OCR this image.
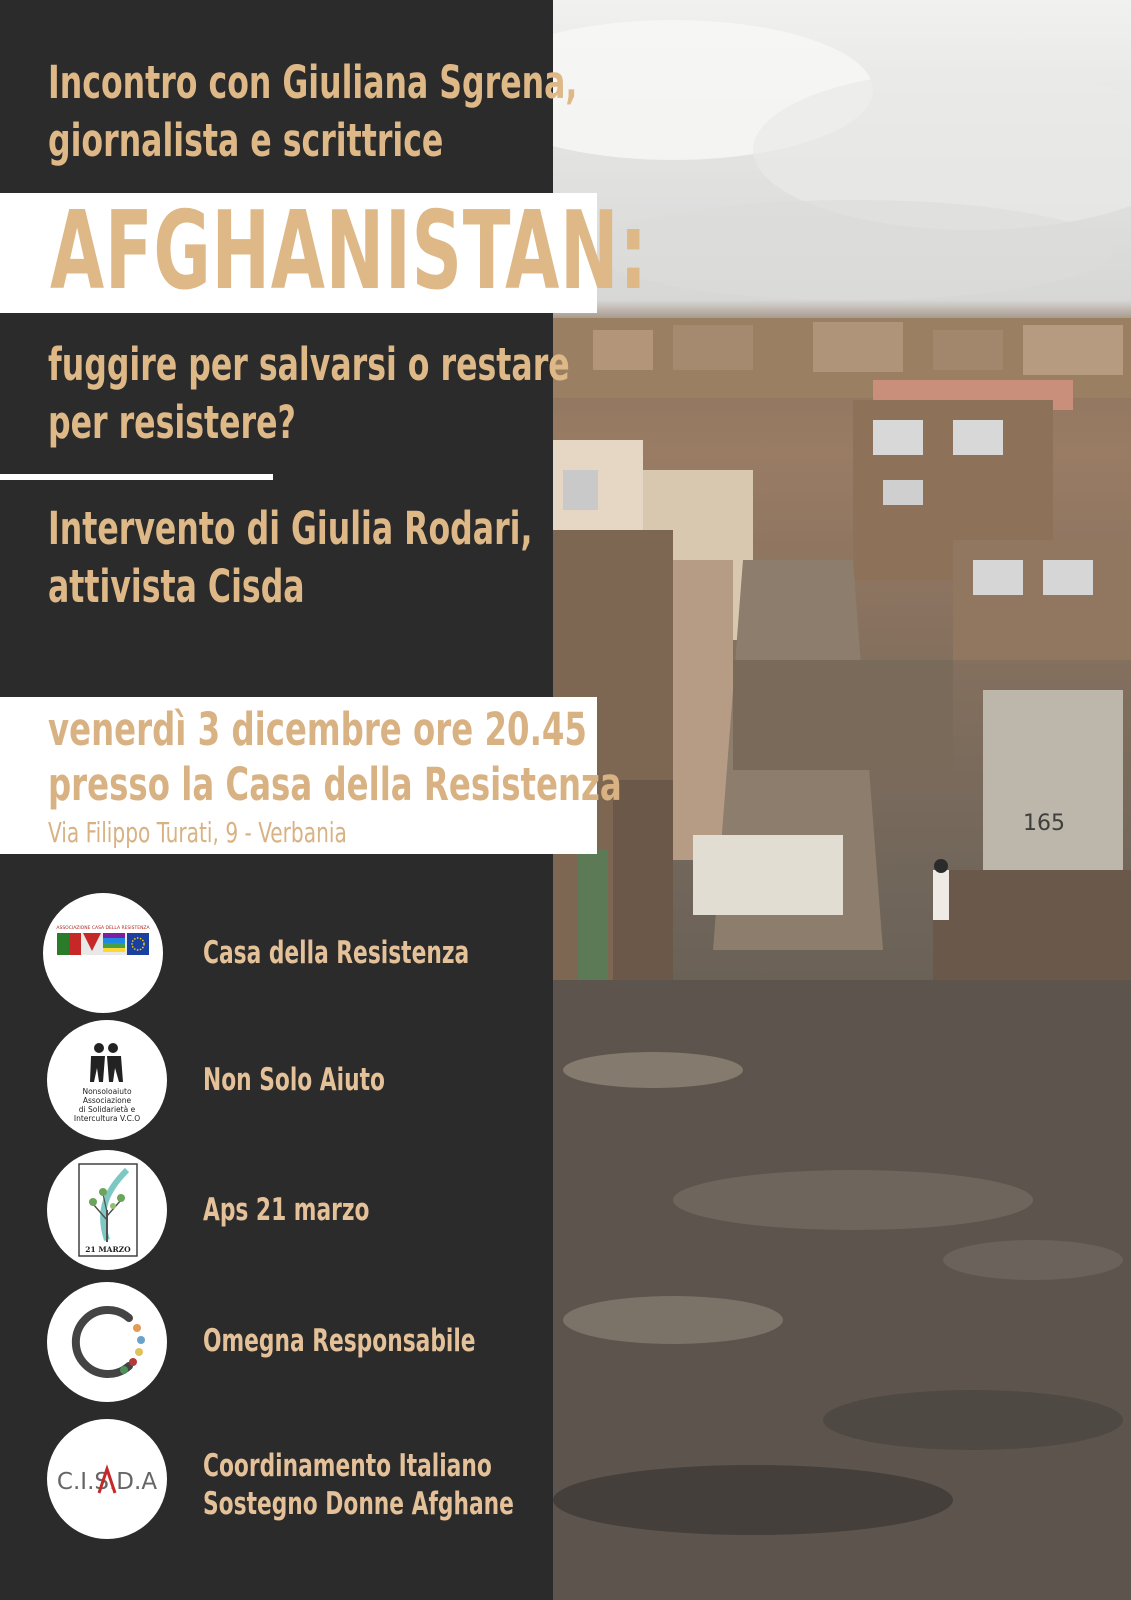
165
Incontro con Giuliana Sgrena,
giornalista e scrittrice
AFGHANISTAN:
fuggire per salvarsi o restare
per resistere?
Intervento di Giulia Rodari,
attivista Cisda
venerdì 3 dicembre ore 20.45
presso la Casa della Resistenza
Via Filippo Turati, 9 - Verbania
ASSOCIAZIONE CASA DELLA RESISTENZA
Casa della Resistenza
Nonsoloaiuto
Associazione
di Solidarietà e
Intercultura V.C.O
Non Solo Aiuto
21 MARZO
Aps 21 marzo
Omegna Responsabile
C.I.S.D.A Coordinamento Italiano
Sostegno Donne Afghane
